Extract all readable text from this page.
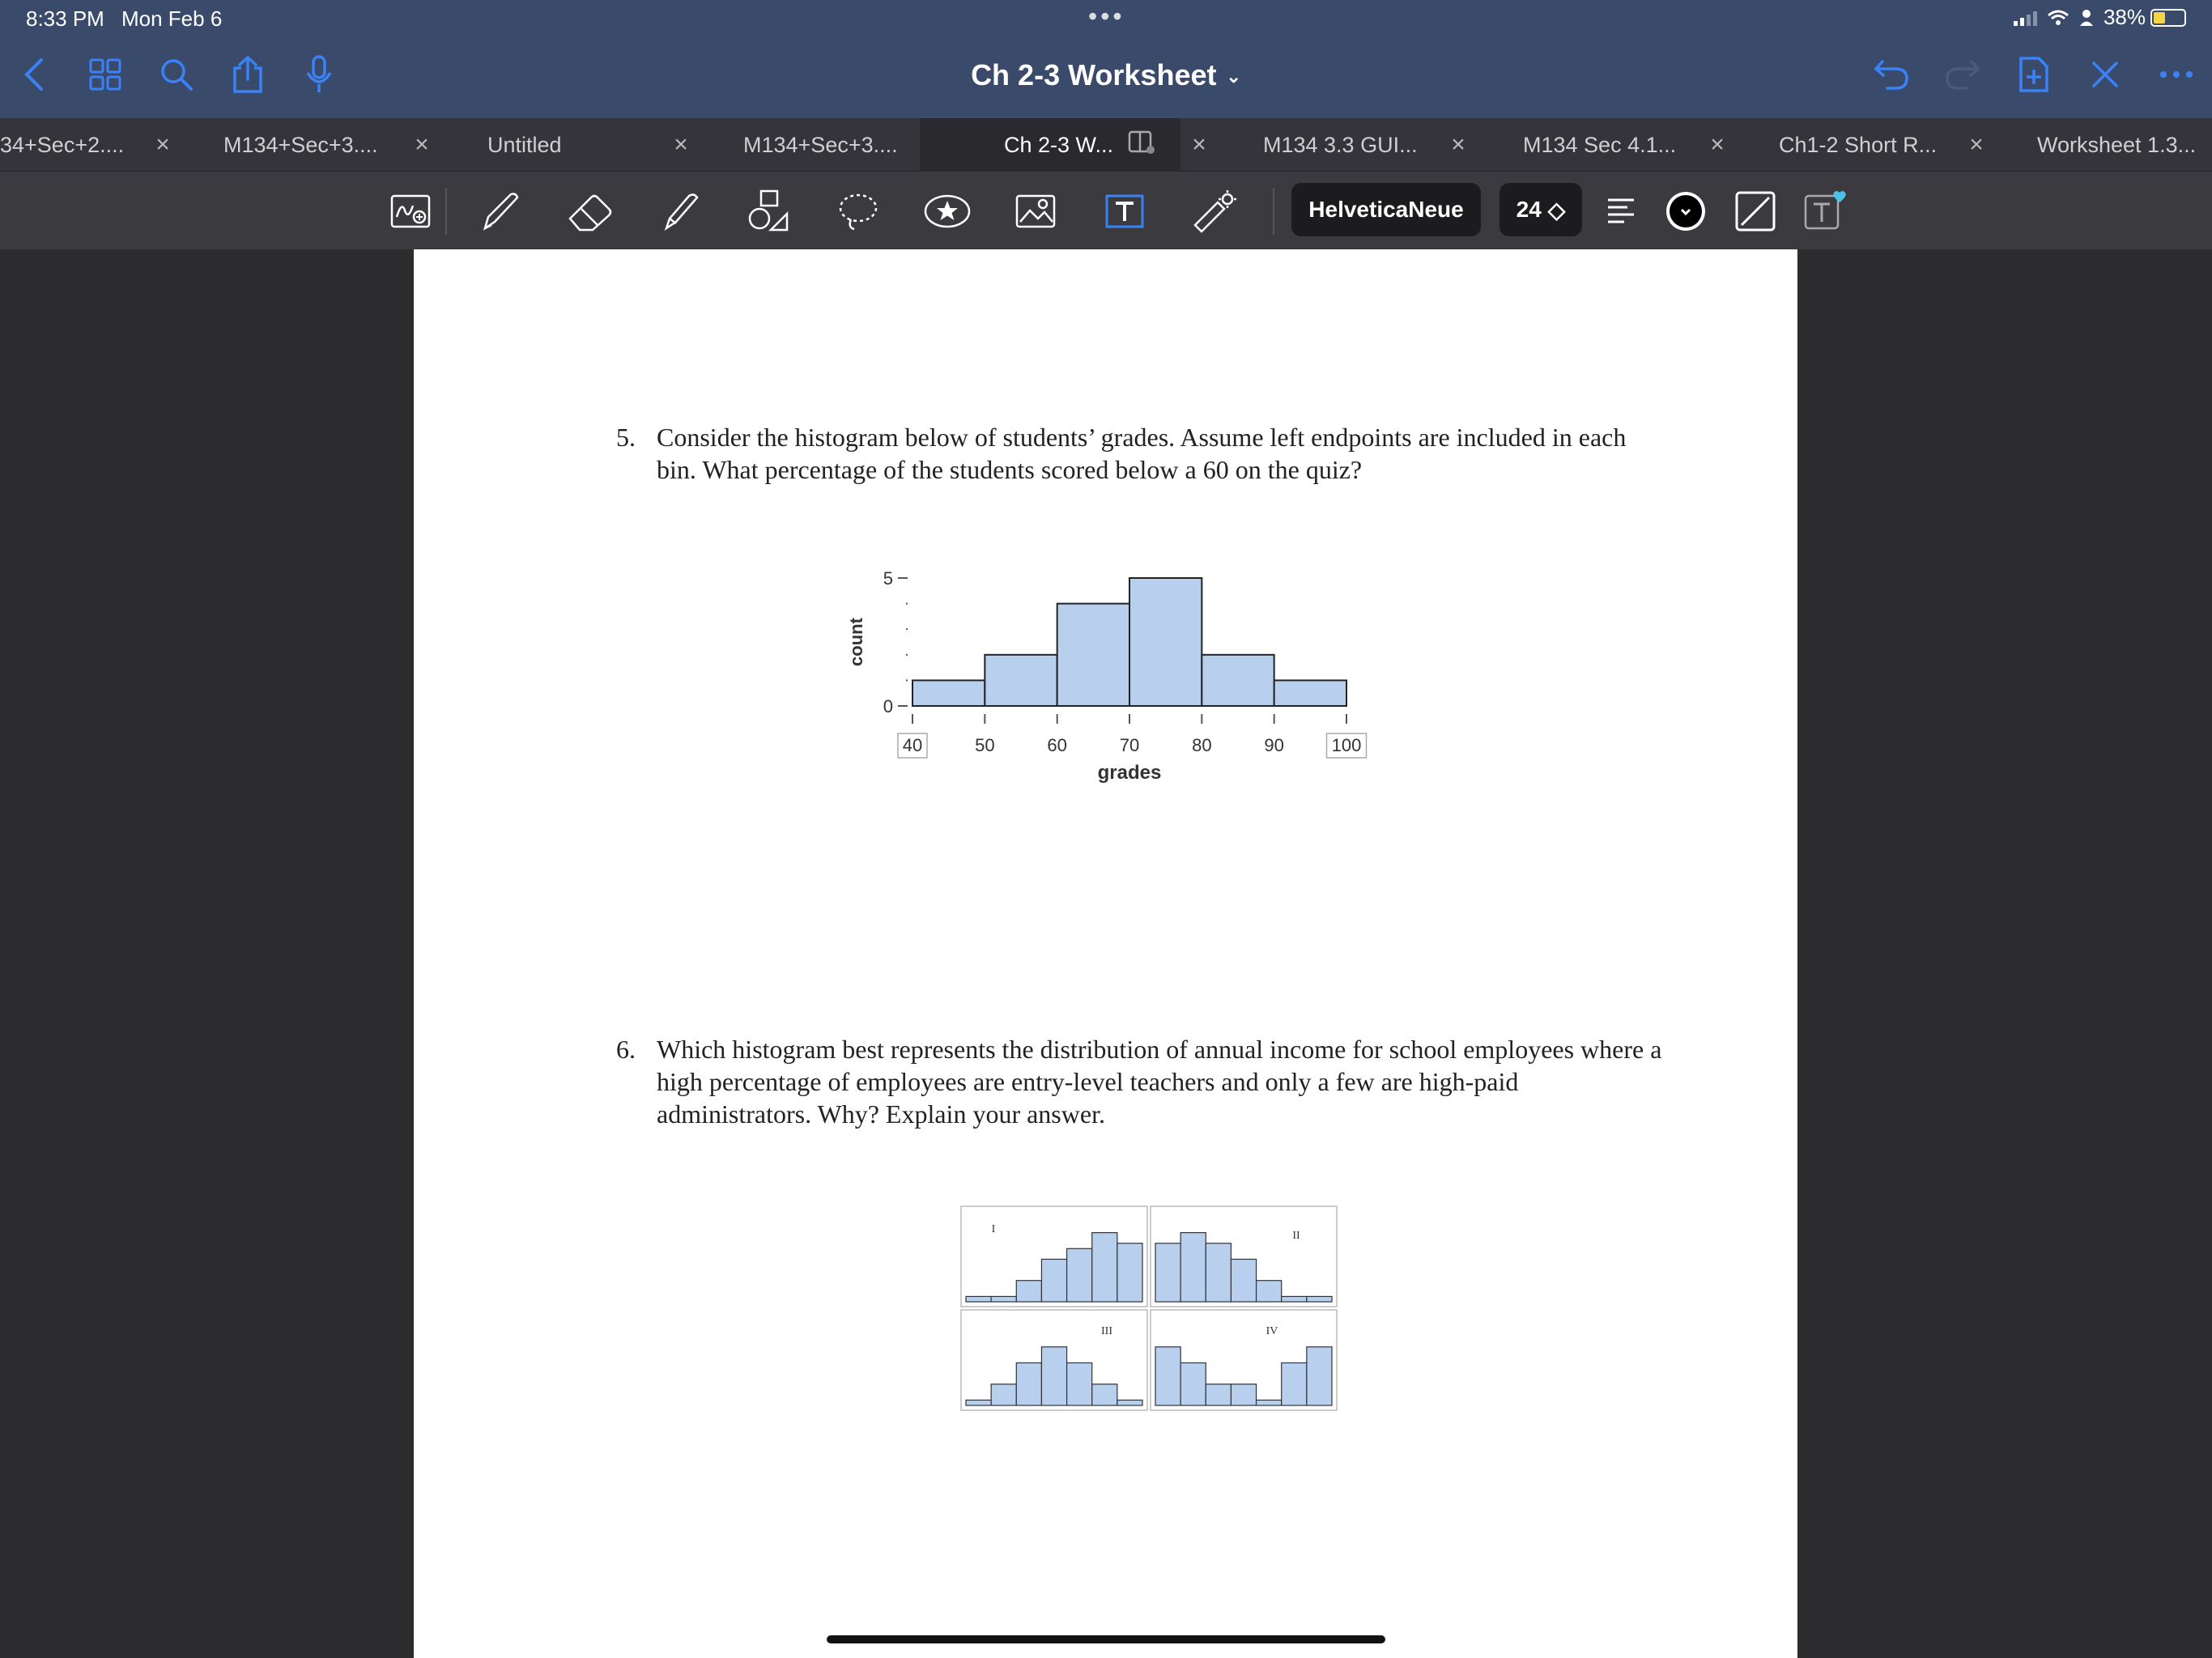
8:33 PM Mon Feb 6	•••	38%
Ch 2-3 Worksheet ⌄
34+Sec+2.... × M134+Sec+3.... ×	Untitled	×	M134+Sec+3....	Ch 2-3 W...	×	M134 3.3 GUI... ×	M134 Sec 4.1... × Ch1-2 Short R... × Worksheet 1.3...
HelveticaNeue	24 ◇
5. Consider the histogram below of students’ grades. Assume left endpoints are included in each bin. What percentage of the students scored below a 60 on the quiz?
0
5
40	50	60	70	80	90	100
grades
count
6. Which histogram best represents the distribution of annual income for school employees where a high percentage of employees are entry-level teachers and only a few are high-paid administrators. Why? Explain your answer.
I
II
III	IV
